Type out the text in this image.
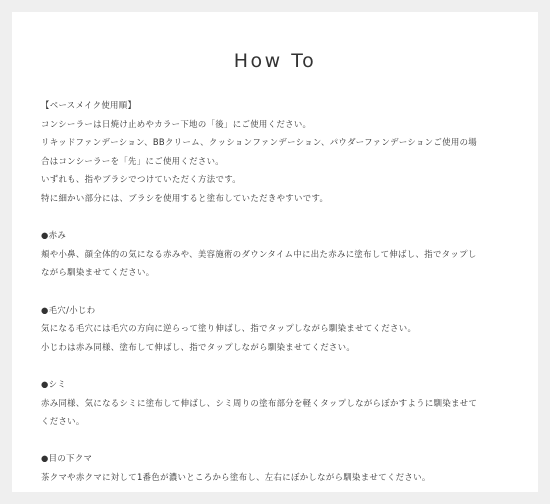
How To
【ベースメイク使用順】
コンシーラーは日焼け止めやカラー下地の「後」にご使用ください。
リキッドファンデーション、BBクリーム、クッションファンデーション、パウダーファンデーションご使用の場
合はコンシーラーを「先」にご使用ください。
いずれも、指やブラシでつけていただく方法です。
特に細かい部分には、ブラシを使用すると塗布していただきやすいです。
●赤み
頬や小鼻、顔全体的の気になる赤みや、美容施術のダウンタイム中に出た赤みに塗布して伸ばし、指でタップし
ながら馴染ませてください。
●毛穴/小じわ
気になる毛穴には毛穴の方向に逆らって塗り伸ばし、指でタップしながら馴染ませてください。
小じわは赤み同様、塗布して伸ばし、指でタップしながら馴染ませてください。
●シミ
赤み同様、気になるシミに塗布して伸ばし、シミ周りの塗布部分を軽くタップしながらぼかすように馴染ませて
ください。
●目の下クマ
茶クマや赤クマに対して1番色が濃いところから塗布し、左右にぼかしながら馴染ませてください。
